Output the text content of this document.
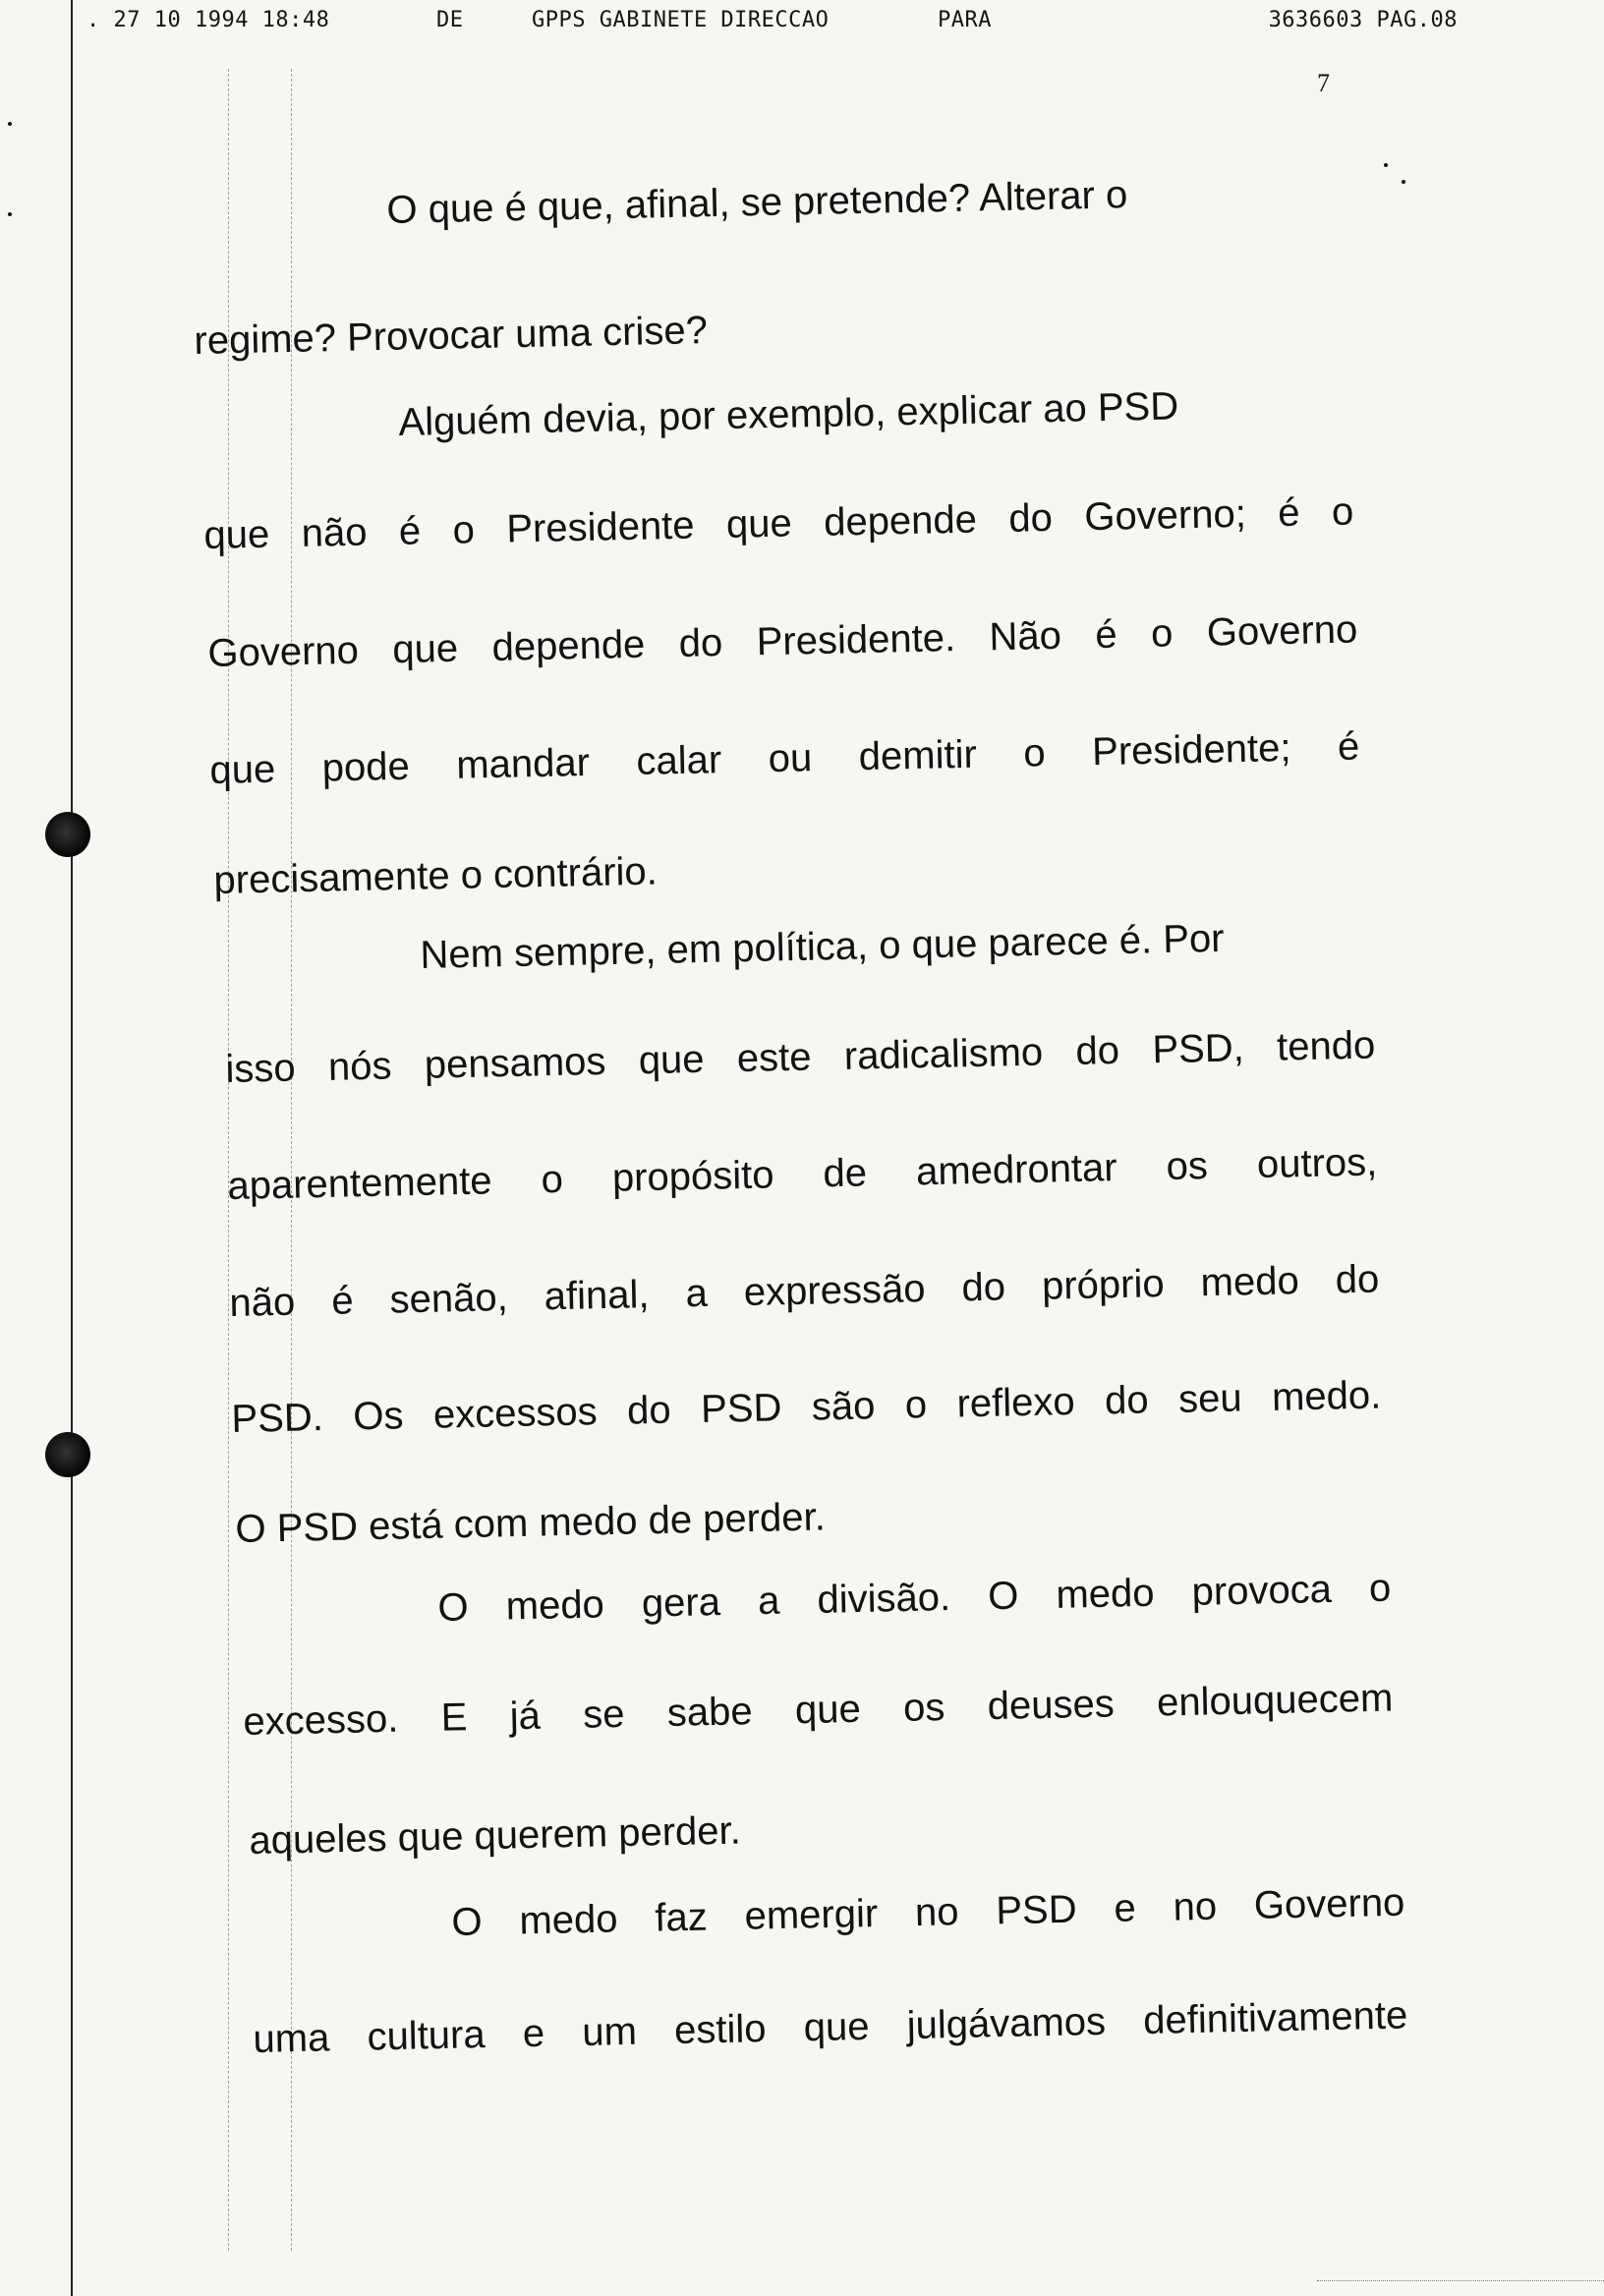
. 27 10 1994 18:48	DE	GPPS GABINETE DIRECCAO	PARA	3636603 PAG.08
7
O que é que, afinal, se pretende? Alterar o
regime? Provocar uma crise?
Alguém devia, por exemplo, explicar ao PSD
que não é o Presidente que depende do Governo; é o
Governo que depende do Presidente. Não é o Governo
que pode mandar calar ou demitir o Presidente; é
precisamente o contrário.
Nem sempre, em política, o que parece é. Por
isso nós pensamos que este radicalismo do PSD, tendo
aparentemente o propósito de amedrontar os outros,
não é senão, afinal, a expressão do próprio medo do
PSD. Os excessos do PSD são o reflexo do seu medo.
O PSD está com medo de perder.
O medo gera a divisão. O medo provoca o
excesso. E já se sabe que os deuses enlouquecem
aqueles que querem perder.
O medo faz emergir no PSD e no Governo
uma cultura e um estilo que julgávamos definitivamente
